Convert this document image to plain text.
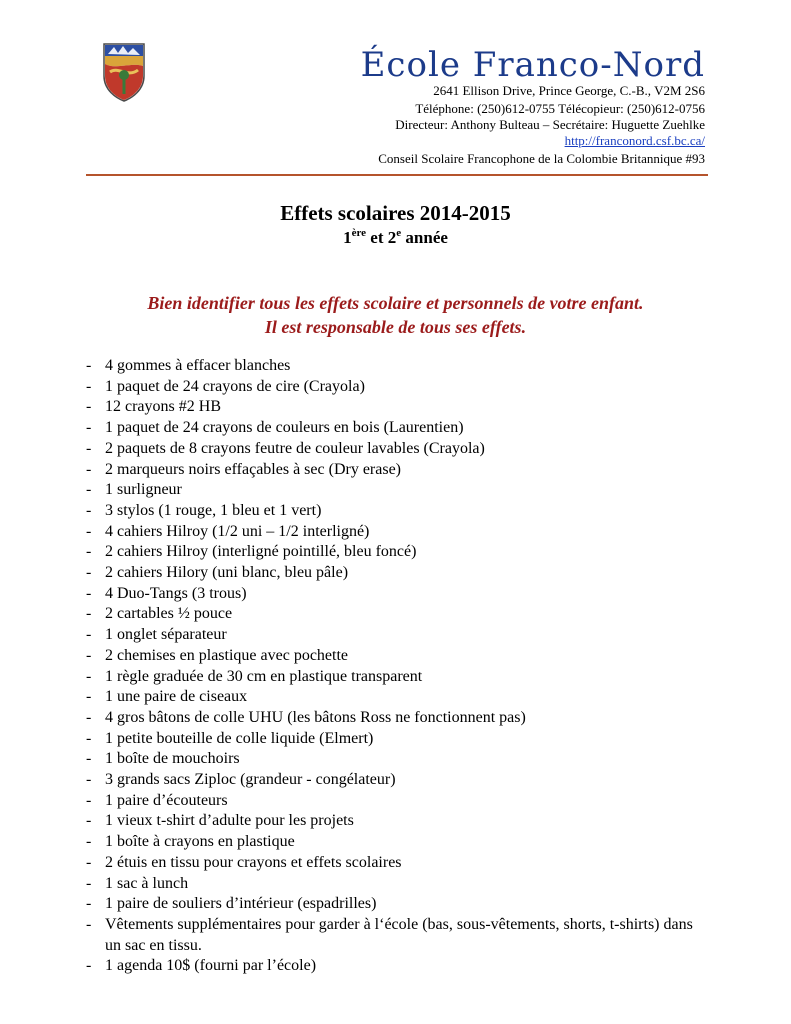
École Franco-Nord
2641 Ellison Drive, Prince George, C.-B., V2M 2S6
Téléphone: (250)612-0755 Télécopieur: (250)612-0756
Directeur: Anthony Bulteau – Secrétaire: Huguette Zuehlke
http://franconord.csf.bc.ca/
Conseil Scolaire Francophone de la Colombie Britannique #93
Effets scolaires 2014-2015
1ère et 2e année
Bien identifier tous les effets scolaire et personnels de votre enfant.
Il est responsable de tous ses effets.
- 4 gommes à effacer blanches
- 1 paquet de 24 crayons de cire (Crayola)
- 12 crayons #2 HB
- 1 paquet de 24 crayons de couleurs en bois (Laurentien)
- 2 paquets de 8 crayons feutre de couleur lavables (Crayola)
- 2 marqueurs noirs effaçables à sec (Dry erase)
- 1 surligneur
- 3 stylos (1 rouge, 1 bleu et 1 vert)
- 4 cahiers Hilroy (1/2 uni – 1/2 interligné)
- 2 cahiers Hilroy (interligné pointillé, bleu foncé)
- 2 cahiers Hilory (uni blanc, bleu pâle)
- 4 Duo-Tangs (3 trous)
- 2 cartables ½ pouce
- 1 onglet séparateur
- 2 chemises en plastique avec pochette
- 1 règle graduée de 30 cm en plastique transparent
- 1 une paire de ciseaux
- 4 gros bâtons de colle UHU (les bâtons Ross ne fonctionnent pas)
- 1 petite bouteille de colle liquide (Elmert)
- 1 boîte de mouchoirs
- 3 grands sacs Ziploc (grandeur - congélateur)
- 1 paire d’écouteurs
- 1 vieux t-shirt d’adulte pour les projets
- 1 boîte à crayons en plastique
- 2 étuis en tissu pour crayons et effets scolaires
- 1 sac à lunch
- 1 paire de souliers d’intérieur (espadrilles)
- Vêtements supplémentaires pour garder à l‘école (bas, sous-vêtements, shorts, t-shirts) dans un sac en tissu.
- 1 agenda 10$ (fourni par l’école)
